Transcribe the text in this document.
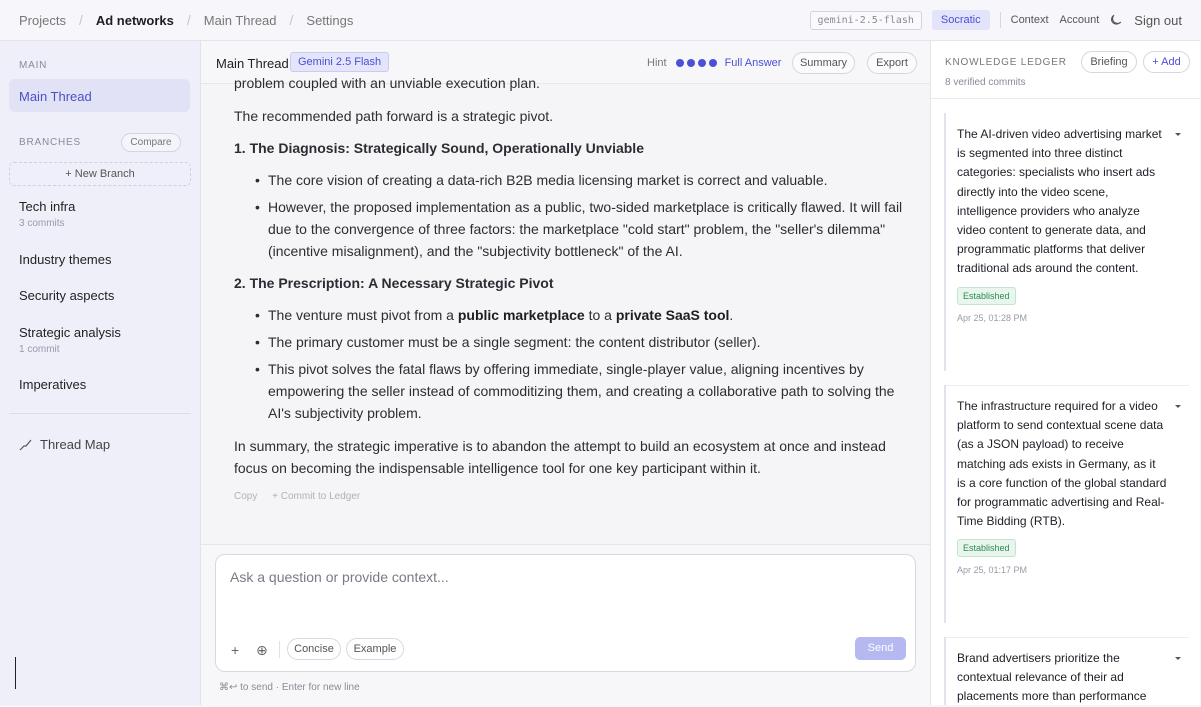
Projects / Ad networks / Main Thread / Settings	gemini-2.5-flash	Socratic	Context Account	Sign out
MAIN
Main Thread
BRANCHES	Compare
+ New Branch
Tech infra
3 commits
Industry themes
Security aspects
Strategic analysis
1 commit
Imperatives
Thread Map
Main Thread Gemini 2.5 Flash	Hint	Full Answer	Summary	Export

problem coupled with an unviable execution plan.

The recommended path forward is a strategic pivot.

1. The Diagnosis: Strategically Sound, Operationally Unviable

• The core vision of creating a data-rich B2B media licensing market is correct and valuable.
• However, the proposed implementation as a public, two-sided marketplace is critically flawed. It will fail due to the convergence of three factors: the marketplace "cold start" problem, the "seller's dilemma" (incentive misalignment), and the "subjectivity bottleneck" of the AI.

2. The Prescription: A Necessary Strategic Pivot

• The venture must pivot from a public marketplace to a private SaaS tool.
• The primary customer must be a single segment: the content distributor (seller).
• This pivot solves the fatal flaws by offering immediate, single-player value, aligning incentives by empowering the seller instead of commoditizing them, and creating a collaborative path to solving the AI's subjectivity problem.

In summary, the strategic imperative is to abandon the attempt to build an ecosystem at once and instead focus on becoming the indispensable intelligence tool for one key participant within it.

Copy + Commit to Ledger
Ask a question or provide context...
+ ⊕	Concise	Example	Send
⌘↩ to send · Enter for new line
KNOWLEDGE LEDGER
8 verified commits
Briefing	+ Add
The AI-driven video advertising market is segmented into three distinct categories: specialists who insert ads directly into the video scene, intelligence providers who analyze video content to generate data, and programmatic platforms that deliver traditional ads around the content.
Established
Apr 25, 01:28 PM
The infrastructure required for a video platform to send contextual scene data (as a JSON payload) to receive matching ads exists in Germany, as it is a core function of the global standard for programmatic advertising and Real-Time Bidding (RTB).
Established
Apr 25, 01:17 PM
Brand advertisers prioritize the contextual relevance of their ad placements more than performance
